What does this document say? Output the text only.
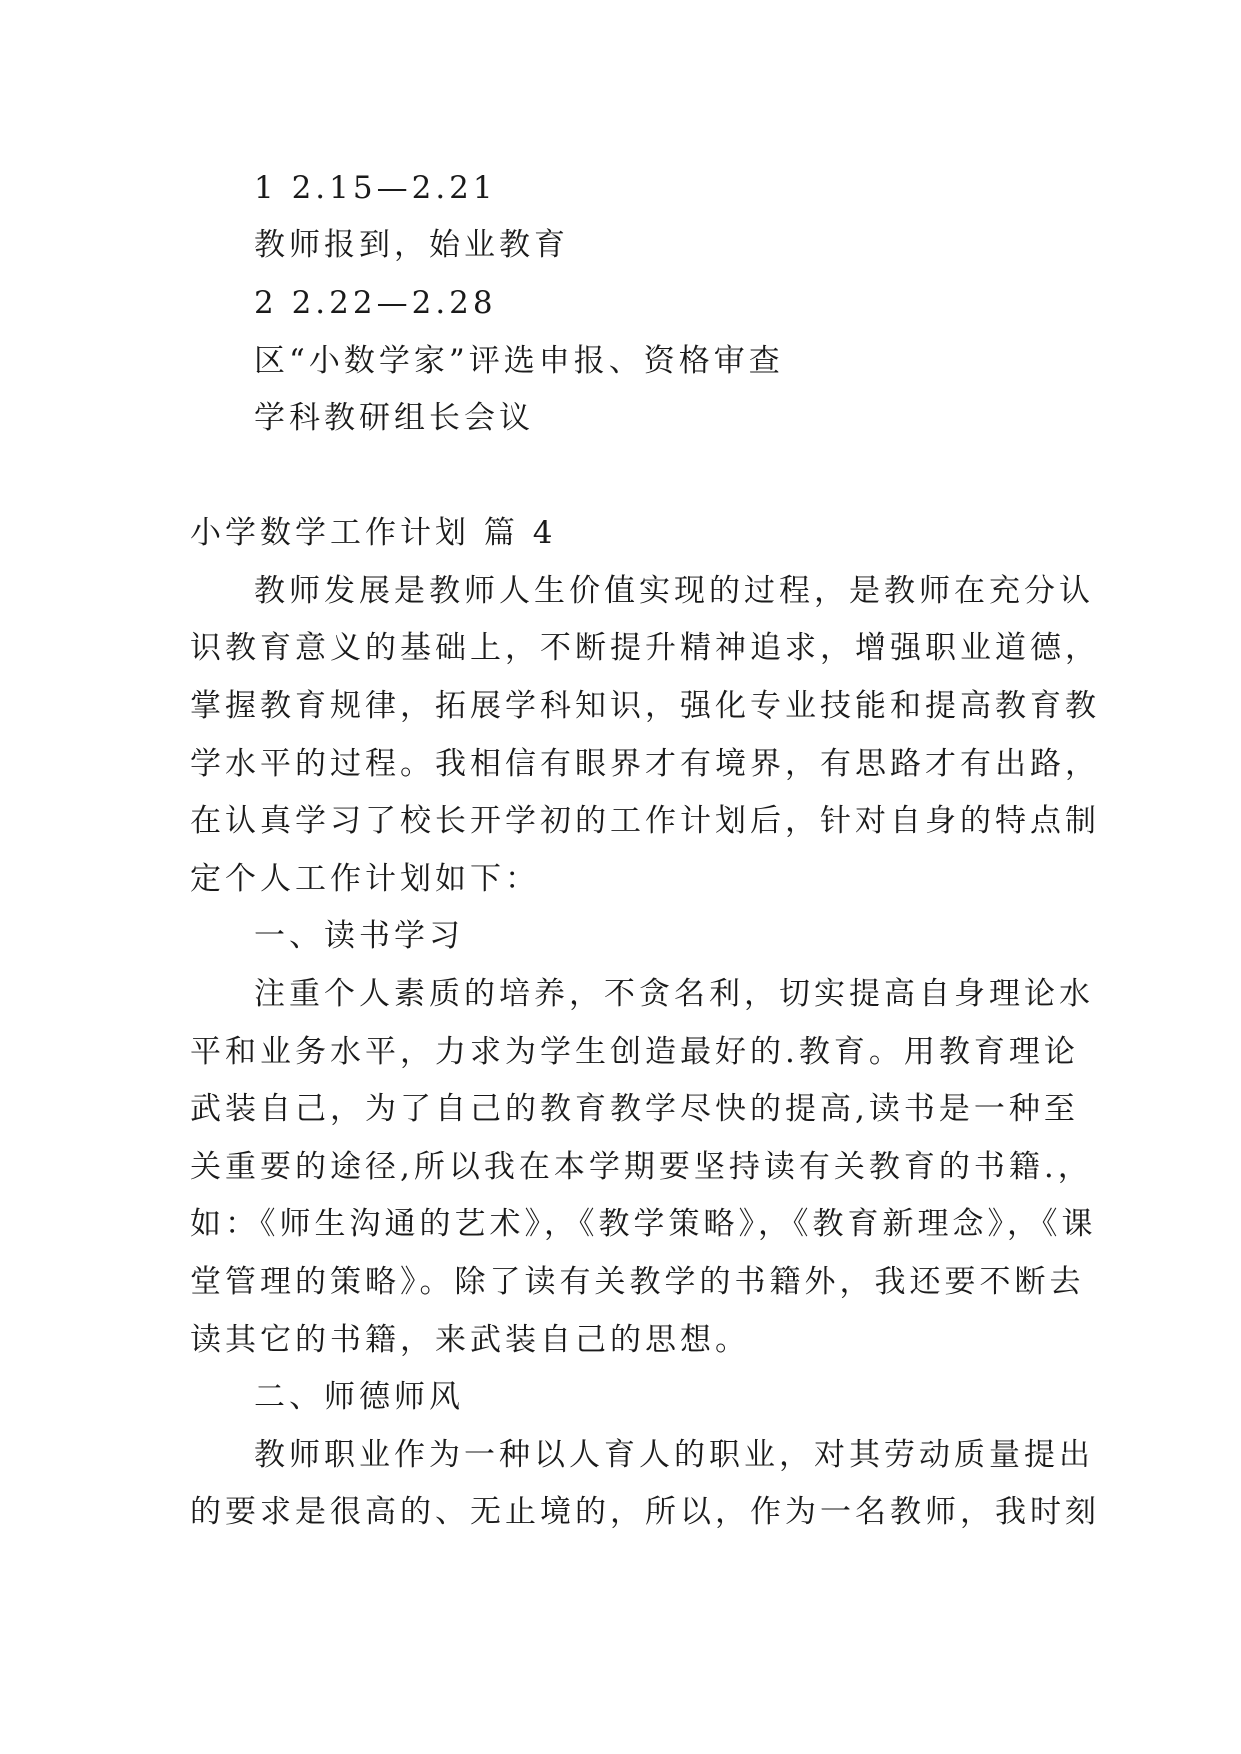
1 2.15—2.21
教师报到，始业教育
2 2.22—2.28
区“小数学家”评选申报、资格审查
学科教研组长会议
小学数学工作计划 篇 4
教师发展是教师人生价值实现的过程，是教师在充分认
识教育意义的基础上，不断提升精神追求，增强职业道德，
掌握教育规律，拓展学科知识，强化专业技能和提高教育教
学水平的过程。我相信有眼界才有境界，有思路才有出路，
在认真学习了校长开学初的工作计划后，针对自身的特点制
定个人工作计划如下：
一、读书学习
注重个人素质的培养，不贪名利，切实提高自身理论水
平和业务水平，力求为学生创造最好的.教育。用教育理论
武装自己，为了自己的教育教学尽快的提高,读书是一种至
关重要的途径,所以我在本学期要坚持读有关教育的书籍.，
如：《师生沟通的艺术》，《教学策略》，《教育新理念》，《课
堂管理的策略》。除了读有关教学的书籍外，我还要不断去
读其它的书籍，来武装自己的思想。
二、师德师风
教师职业作为一种以人育人的职业，对其劳动质量提出
的要求是很高的、无止境的，所以，作为一名教师，我时刻
